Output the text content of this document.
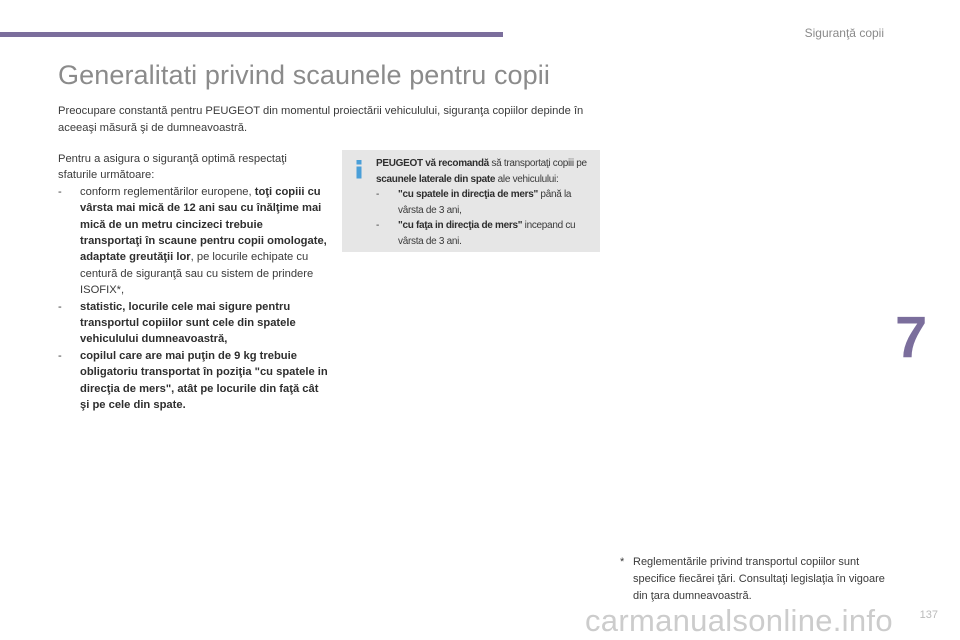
Siguranţă copii
Generalitati privind scaunele pentru copii

Preocupare constantă pentru PEUGEOT din momentul proiectării vehiculului, siguranţa copiilor depinde în aceeaşi măsură şi de dumneavoastră.

Pentru a asigura o siguranţă optimă respectaţi sfaturile următoare:

-	conform reglementărilor europene, toţi copiii cu vârsta mai mică de 12 ani sau cu înălţime mai mică de un metru cincizeci trebuie transportaţi în scaune pentru copii omologate, adaptate greutăţii lor, pe locurile echipate cu centură de siguranţă sau cu sistem de prindere ISOFIX*,
-	statistic, locurile cele mai sigure pentru transportul copiilor sunt cele din spatele vehiculului dumneavoastră,
-	copilul care are mai puţin de 9 kg trebuie obligatoriu transportat în poziţia "cu spatele in direcţia de mers", atât pe locurile din faţă cât şi pe cele din spate.

PEUGEOT vă recomandă să transportaţi copiii pe scaunele laterale din spate ale vehiculului:

-	"cu spatele in direcţia de mers" până la vârsta de 3 ani,
-	"cu faţa in direcţia de mers" incepand cu vârsta de 3 ani.
7
* Reglementările privind transportul copiilor sunt specifice fiecărei ţări. Consultaţi legislaţia în vigoare din ţara dumneavoastră.
carmanualsonline.info 137
